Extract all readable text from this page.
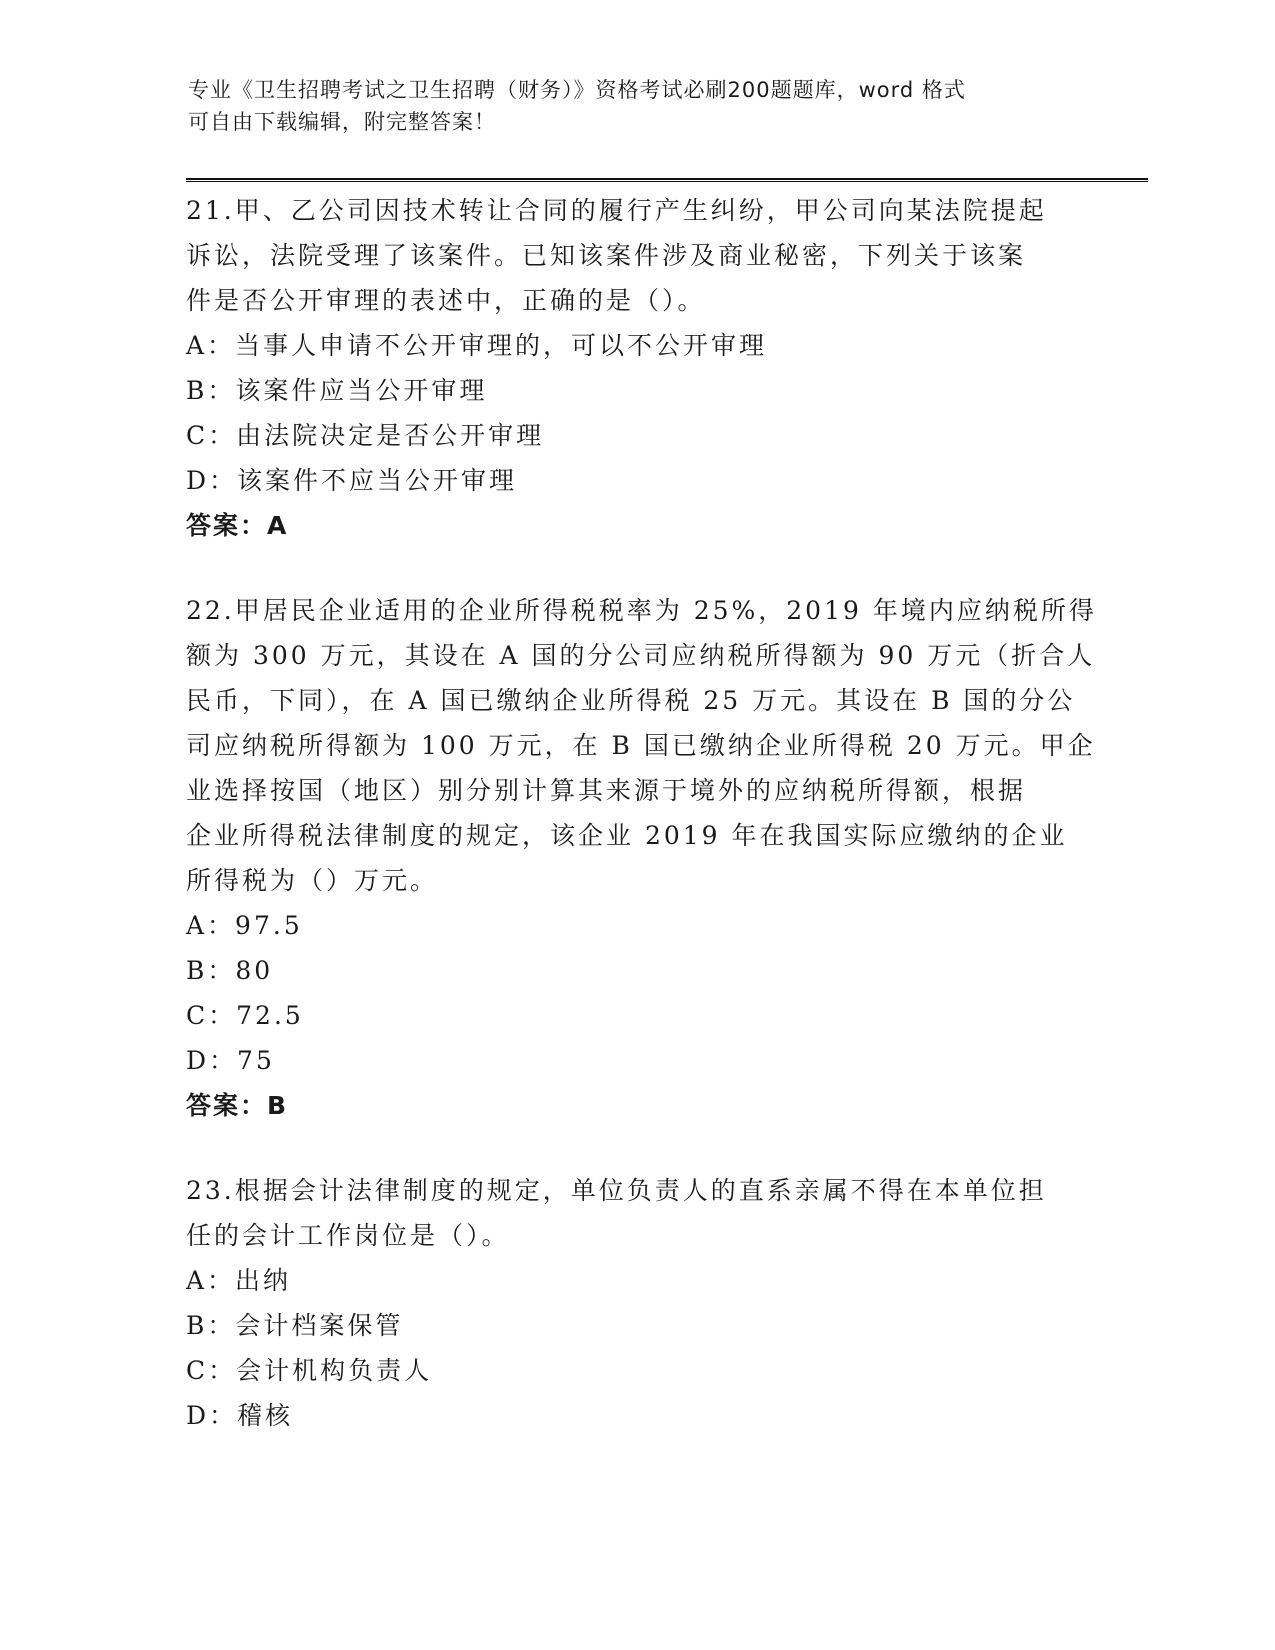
专业《卫生招聘考试之卫生招聘（财务）》资格考试必刷200题题库，word 格式
可自由下载编辑，附完整答案！
21.甲、乙公司因技术转让合同的履行产生纠纷，甲公司向某法院提起
诉讼，法院受理了该案件。已知该案件涉及商业秘密，下列关于该案
件是否公开审理的表述中，正确的是（）。
A：当事人申请不公开审理的，可以不公开审理
B：该案件应当公开审理
C：由法院决定是否公开审理
D：该案件不应当公开审理
答案：A
22.甲居民企业适用的企业所得税税率为 25%，2019 年境内应纳税所得
额为 300 万元，其设在 A 国的分公司应纳税所得额为 90 万元（折合人
民币，下同），在 A 国已缴纳企业所得税 25 万元。其设在 B 国的分公
司应纳税所得额为 100 万元，在 B 国已缴纳企业所得税 20 万元。甲企
业选择按国（地区）别分别计算其来源于境外的应纳税所得额，根据
企业所得税法律制度的规定，该企业 2019 年在我国实际应缴纳的企业
所得税为（）万元。
A：97.5
B：80
C：72.5
D：75
答案：B
23.根据会计法律制度的规定，单位负责人的直系亲属不得在本单位担
任的会计工作岗位是（）。
A：出纳
B：会计档案保管
C：会计机构负责人
D：稽核
